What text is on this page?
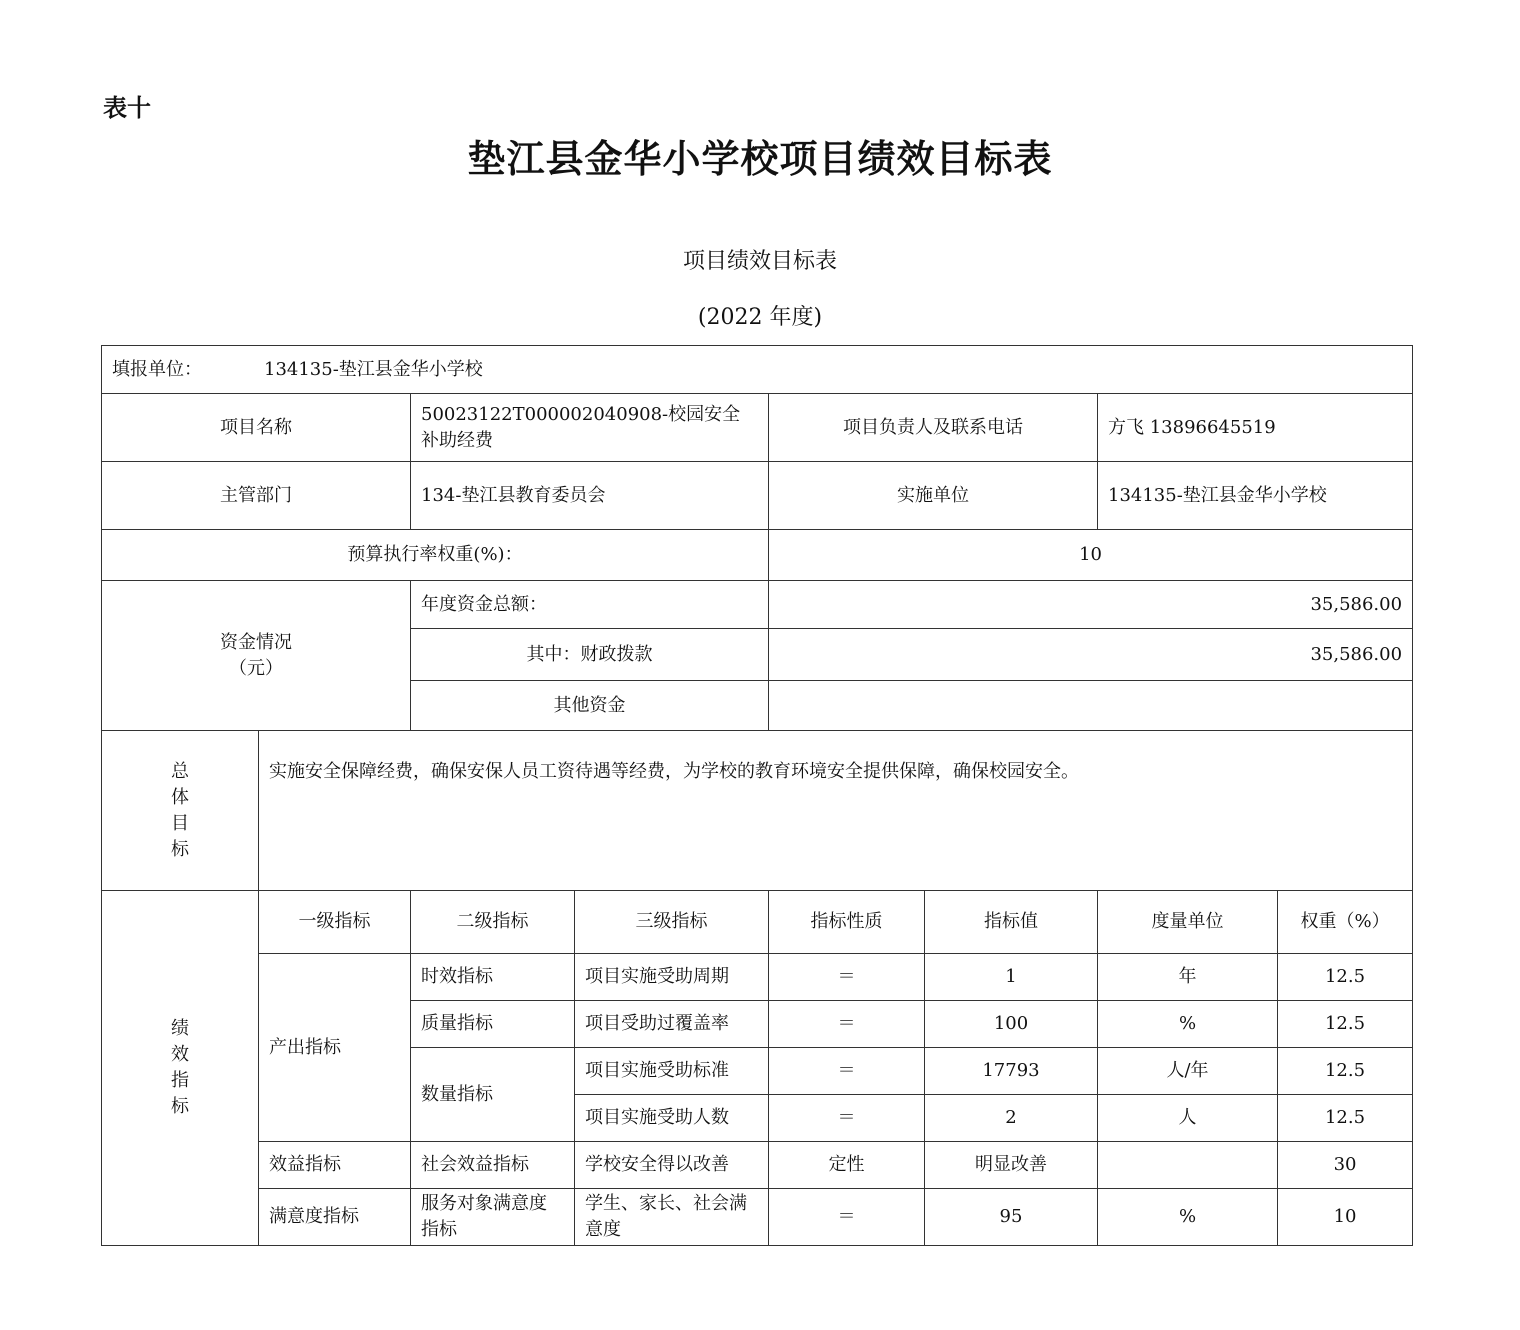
表十
垫江县金华小学校项目绩效目标表
项目绩效目标表
(2022 年度)
填报单位： 134135-垫江县金华小学校							
项目名称		50023122T000002040908-校园安全补助经费		项目负责人及联系电话		方飞 13896645519	
主管部门		134-垫江县教育委员会		实施单位		134135-垫江县金华小学校	
预算执行率权重(%)：				10			

资金情况
（元）		年度资金总额：		35,586.00			
		其中：财政拨款		35,586.00			
		其他资金					

总
体
目
标	实施安全保障经费，确保安保人员工资待遇等经费，为学校的教育环境安全提供保障，确保校园安全。						

绩
效
指
标	一级指标	二级指标	三级指标	指标性质	指标值	度量单位	权重（%）
	产出指标	时效指标	项目实施受助周期	＝	1	年	12.5
		质量指标	项目受助过覆盖率	＝	100	%	12.5
		数量指标	项目实施受助标准	＝	17793	人/年	12.5
			项目实施受助人数	＝	2	人	12.5
	效益指标	社会效益指标	学校安全得以改善	定性	明显改善		30
	满意度指标	服务对象满意度指标	学生、家长、社会满意度	＝	95	%	10
